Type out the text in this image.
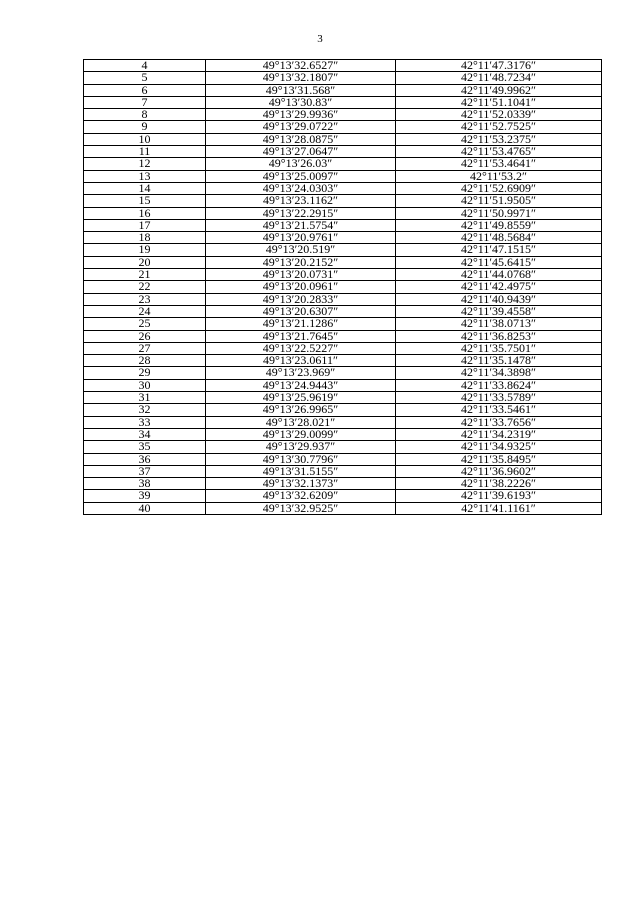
3
4	49°13′32.6527″	42°11′47.3176″
5	49°13′32.1807″	42°11′48.7234″
6	49°13′31.568″	42°11′49.9962″
7	49°13′30.83″	42°11′51.1041″
8	49°13′29.9936″	42°11′52.0339″
9	49°13′29.0722″	42°11′52.7525″
10	49°13′28.0875″	42°11′53.2375″
11	49°13′27.0647″	42°11′53.4765″
12	49°13′26.03″	42°11′53.4641″
13	49°13′25.0097″	42°11′53.2″
14	49°13′24.0303″	42°11′52.6909″
15	49°13′23.1162″	42°11′51.9505″
16	49°13′22.2915″	42°11′50.9971″
17	49°13′21.5754″	42°11′49.8559″
18	49°13′20.9761″	42°11′48.5684″
19	49°13′20.519″	42°11′47.1515″
20	49°13′20.2152″	42°11′45.6415″
21	49°13′20.0731″	42°11′44.0768″
22	49°13′20.0961″	42°11′42.4975″
23	49°13′20.2833″	42°11′40.9439″
24	49°13′20.6307″	42°11′39.4558″
25	49°13′21.1286″	42°11′38.0713″
26	49°13′21.7645″	42°11′36.8253″
27	49°13′22.5227″	42°11′35.7501″
28	49°13′23.0611″	42°11′35.1478″
29	49°13′23.969″	42°11′34.3898″
30	49°13′24.9443″	42°11′33.8624″
31	49°13′25.9619″	42°11′33.5789″
32	49°13′26.9965″	42°11′33.5461″
33	49°13′28.021″	42°11′33.7656″
34	49°13′29.0099″	42°11′34.2319″
35	49°13′29.937″	42°11′34.9325″
36	49°13′30.7796″	42°11′35.8495″
37	49°13′31.5155″	42°11′36.9602″
38	49°13′32.1373″	42°11′38.2226″
39	49°13′32.6209″	42°11′39.6193″
40	49°13′32.9525″	42°11′41.1161″
